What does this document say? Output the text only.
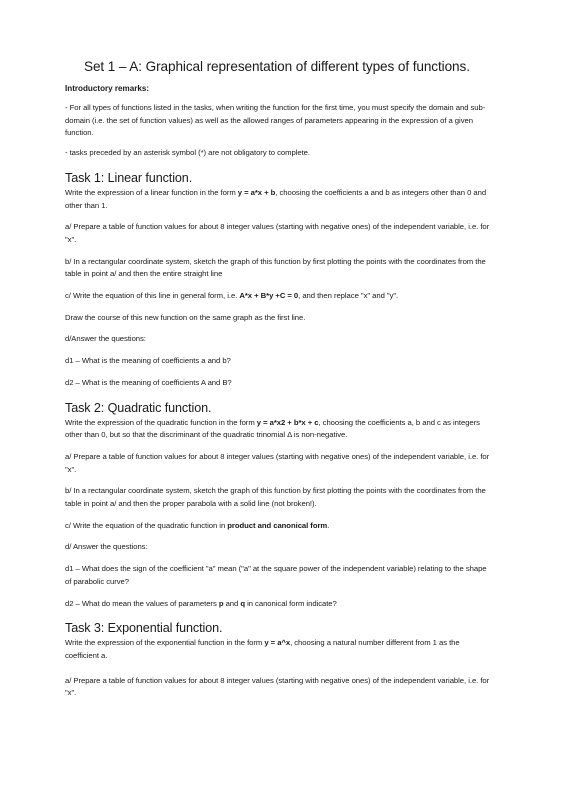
Set 1 – A: Graphical representation of different types of functions.
Introductory remarks:

- For all types of functions listed in the tasks, when writing the function for the first time, you must specify the domain and sub-domain (i.e. the set of function values) as well as the allowed ranges of parameters appearing in the expression of a given function.

- tasks preceded by an asterisk symbol (*) are not obligatory to complete.

Task 1: Linear function.

Write the expression of a linear function in the form y = a*x + b, choosing the coefficients a and b as integers other than 0 and other than 1.

a/ Prepare a table of function values for about 8 integer values (starting with negative ones) of the independent variable, i.e. for "x".

b/ In a rectangular coordinate system, sketch the graph of this function by first plotting the points with the coordinates from the table in point a/ and then the entire straight line

c/ Write the equation of this line in general form, i.e. A*x + B*y +C = 0, and then replace "x" and "y".

Draw the course of this new function on the same graph as the first line.

d/Answer the questions:

d1 – What is the meaning of coefficients a and b?

d2 – What is the meaning of coefficients A and B?

Task 2: Quadratic function.

Write the expression of the quadratic function in the form y = a*x2 + b*x + c, choosing the coefficients a, b and c as integers other than 0, but so that the discriminant of the quadratic trinomial Δ is non-negative.

a/ Prepare a table of function values for about 8 integer values (starting with negative ones) of the independent variable, i.e. for "x".

b/ In a rectangular coordinate system, sketch the graph of this function by first plotting the points with the coordinates from the table in point a/ and then the proper parabola with a solid line (not broken!).

c/ Write the equation of the quadratic function in product and canonical form.

d/ Answer the questions:

d1 – What does the sign of the coefficient "a" mean ("a" at the square power of the independent variable) relating to the shape of parabolic curve?

d2 – What do mean the values of parameters p and q in canonical form indicate?

Task 3: Exponential function.

Write the expression of the exponential function in the form y = a^x, choosing a natural number different from 1 as the coefficient a.

a/ Prepare a table of function values for about 8 integer values (starting with negative ones) of the independent variable, i.e. for "x".
